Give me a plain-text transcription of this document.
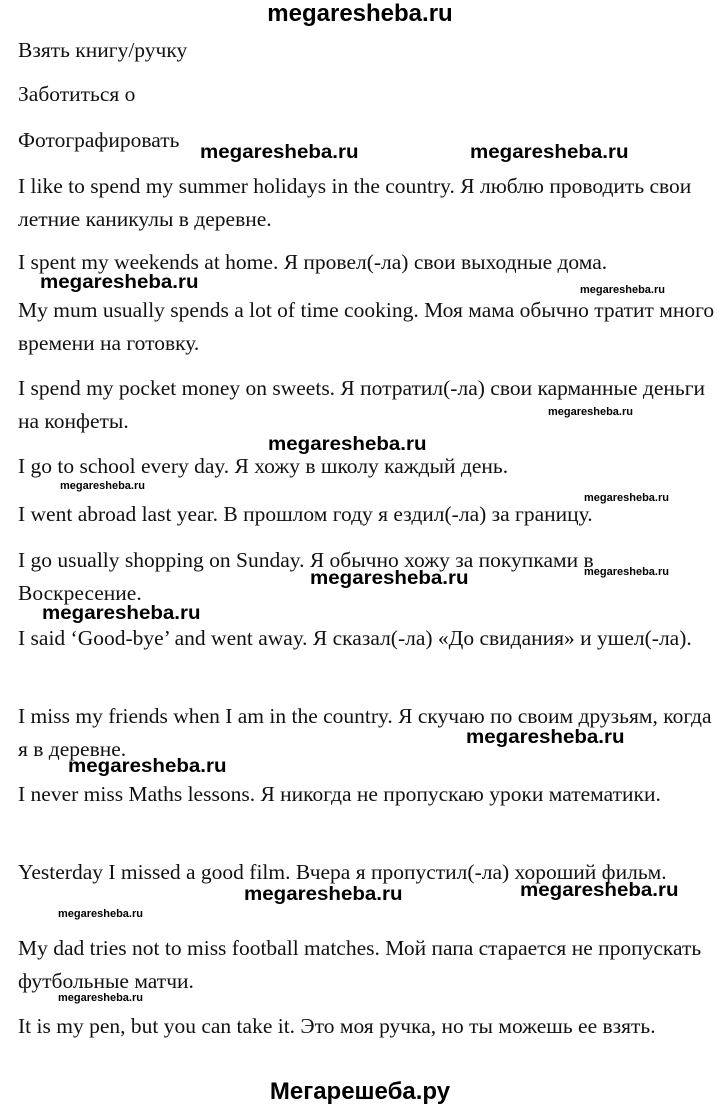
megaresheba.ru

Взять книгу/ручку

Заботиться о

Фотографировать

I like to spend my summer holidays in the country. Я люблю проводить свои летние каникулы в деревне.

I spent my weekends at home. Я провел(-ла) свои выходные дома.

My mum usually spends a lot of time cooking. Моя мама обычно тратит много времени на готовку.

I spend my pocket money on sweets. Я потратил(-ла) свои карманные деньги на конфеты.

I go to school every day. Я хожу в школу каждый день.

I went abroad last year. В прошлом году я ездил(-ла) за границу.

I go usually shopping on Sunday. Я обычно хожу за покупками в Воскресение.

I said ‘Good-bye’ and went away. Я сказал(-ла) «До свидания» и ушел(-ла).

I miss my friends when I am in the country. Я скучаю по своим друзьям, когда я в деревне.

I never miss Maths lessons. Я никогда не пропускаю уроки математики.

Yesterday I missed a good film. Вчера я пропустил(-ла) хороший фильм.

My dad tries not to miss football matches. Мой папа старается не пропускать футбольные матчи.

It is my pen, but you can take it. Это моя ручка, но ты можешь ее взять.

megaresheba.ru	megaresheba.ru
megaresheba.ru	megaresheba.ru
megaresheba.ru
megaresheba.ru
megaresheba.ru
megaresheba.ru
megaresheba.ru
megaresheba.ru
megaresheba.ru
megaresheba.ru
megaresheba.ru
megaresheba.ru	megaresheba.ru
megaresheba.ru
megaresheba.ru
Мегарешеба.ру
